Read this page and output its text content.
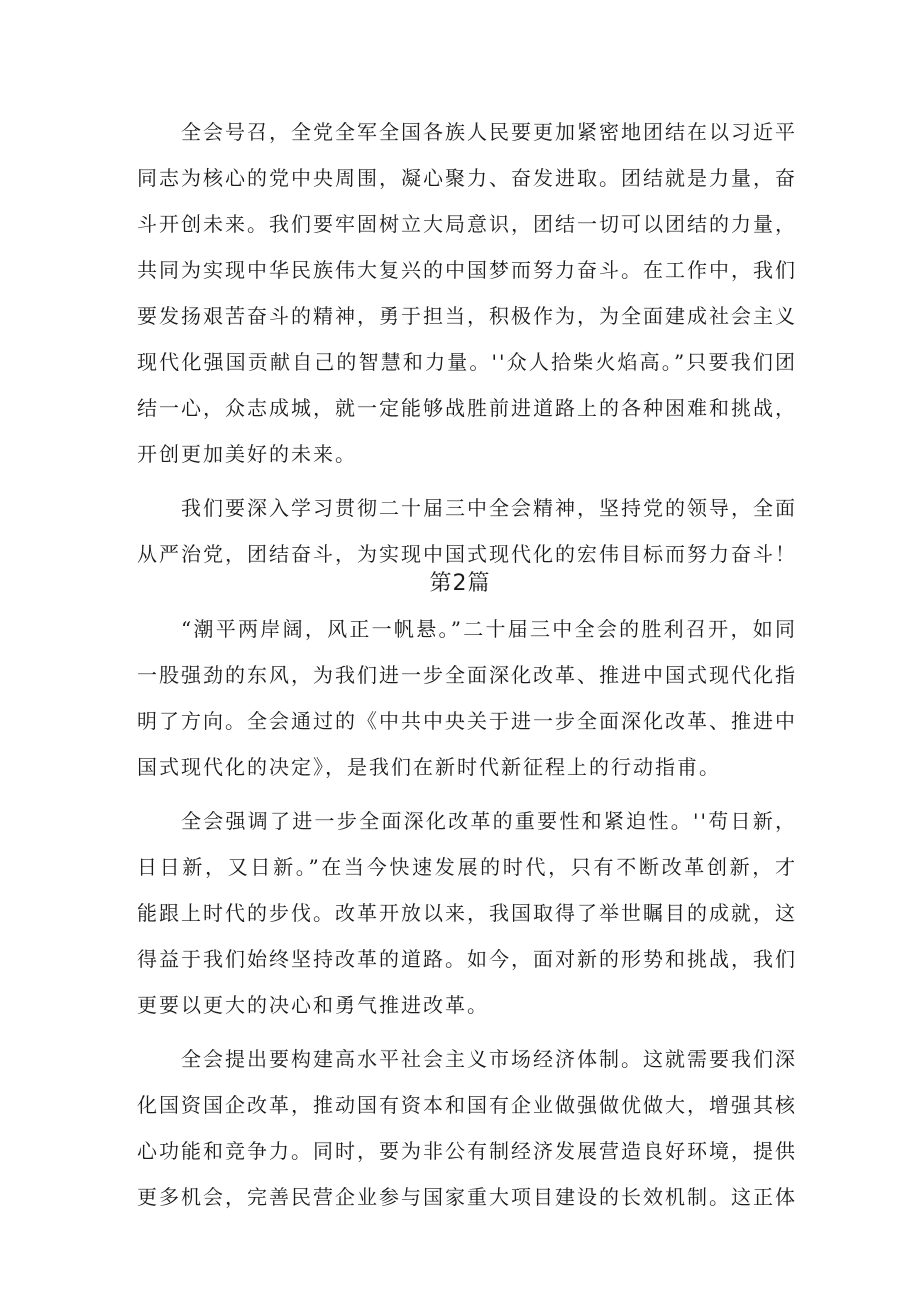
全会号召，全党全军全国各族人民要更加紧密地团结在以习近平同志为核心的党中央周围，凝心聚力、奋发进取。团结就是力量，奋斗开创未来。我们要牢固树立大局意识，团结一切可以团结的力量，共同为实现中华民族伟大复兴的中国梦而努力奋斗。在工作中，我们要发扬艰苦奋斗的精神，勇于担当，积极作为，为全面建成社会主义现代化强国贡献自己的智慧和力量。''众人拾柴火焰高。”只要我们团结一心，众志成城，就一定能够战胜前进道路上的各种困难和挑战，开创更加美好的未来。

我们要深入学习贯彻二十届三中全会精神，坚持党的领导，全面从严治党，团结奋斗，为实现中国式现代化的宏伟目标而努力奋斗！

第2篇

“潮平两岸阔，风正一帆悬。”二十届三中全会的胜利召开，如同一股强劲的东风，为我们进一步全面深化改革、推进中国式现代化指明了方向。全会通过的《中共中央关于进一步全面深化改革、推进中国式现代化的决定》，是我们在新时代新征程上的行动指甫。

全会强调了进一步全面深化改革的重要性和紧迫性。''苟日新，日日新，又日新。”在当今快速发展的时代，只有不断改革创新，才能跟上时代的步伐。改革开放以来，我国取得了举世瞩目的成就，这得益于我们始终坚持改革的道路。如今，面对新的形势和挑战，我们更要以更大的决心和勇气推进改革。

全会提出要构建高水平社会主义市场经济体制。这就需要我们深化国资国企改革，推动国有资本和国有企业做强做优做大，增强其核心功能和竞争力。同时，要为非公有制经济发展营造良好环境，提供更多机会，完善民营企业参与国家重大项目建设的长效机制。这正体
